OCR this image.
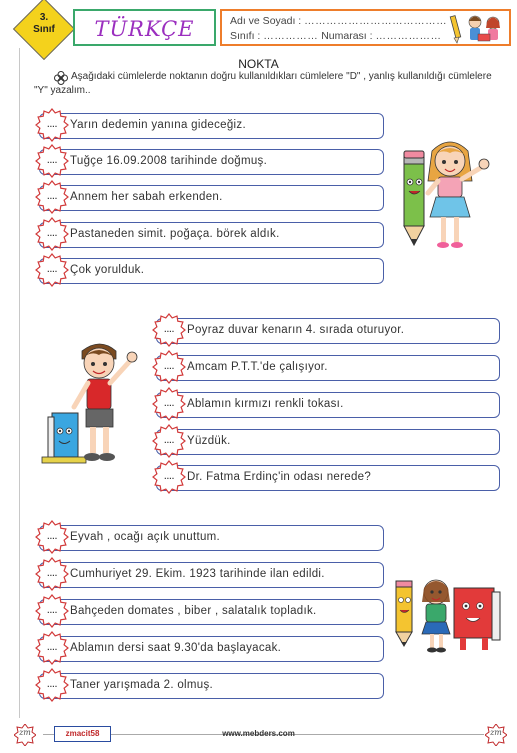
3.
Sınıf	TÜRKÇE	Adı ve Soyadı : …………………………………
Sınıfı : …………… Numarası : ………………
NOKTA
Aşağıdaki cümlelerde noktanın doğru kullanıldıkları cümlelere "D" , yanlış kullanıldığı cümlelere "Y" yazalım..
….	Yarın dedemin yanına gideceğiz.
….	Tuğçe 16.09.2008 tarihinde doğmuş.
….	Annem her sabah erkenden.
….	Pastaneden simit. poğaça. börek aldık.
….	Çok yorulduk.
….	Poyraz duvar kenarın 4. sırada oturuyor.
….	Amcam P.T.T.'de çalışıyor.
….	Ablamın kırmızı renkli tokası.
….	Yüzdük.
….	Dr. Fatma Erdinç'in odası nerede?
….	Eyvah , ocağı açık unuttum.
….	Cumhuriyet 29. Ekim. 1923 tarihinde ilan edildi.
….	Bahçeden domates , biber , salatalık topladık.
….	Ablamın dersi saat 9.30'da başlayacak.
….	Taner yarışmada 2. olmuş.
zm	zm
zmacit58	www.mebders.com
